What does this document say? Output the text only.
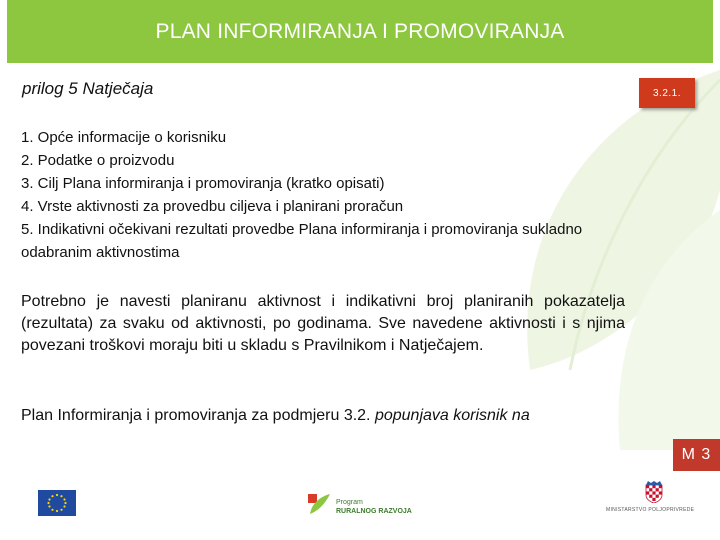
PLAN INFORMIRANJA I PROMOVIRANJA
prilog 5 Natječaja	3.2.1.
1. Opće informacije o korisniku
2. Podatke o proizvodu
3. Cilj Plana informiranja i promoviranja (kratko opisati)
4. Vrste aktivnosti za provedbu ciljeva i planirani proračun
5. Indikativni očekivani rezultati provedbe Plana informiranja i promoviranja sukladno odabranim aktivnostima

Potrebno je navesti planiranu aktivnost i indikativni broj planiranih pokazatelja (rezultata) za svaku od aktivnosti, po godinama. Sve navedene aktivnosti i s njima povezani troškovi moraju biti u skladu s Pravilnikom i Natječajem.

Plan Informiranja i promoviranja za podmjeru 3.2. popunjava korisnik na

M 3
Program
RURALNOG RAZVOJA	MINISTARSTVO POLJOPRIVREDE
